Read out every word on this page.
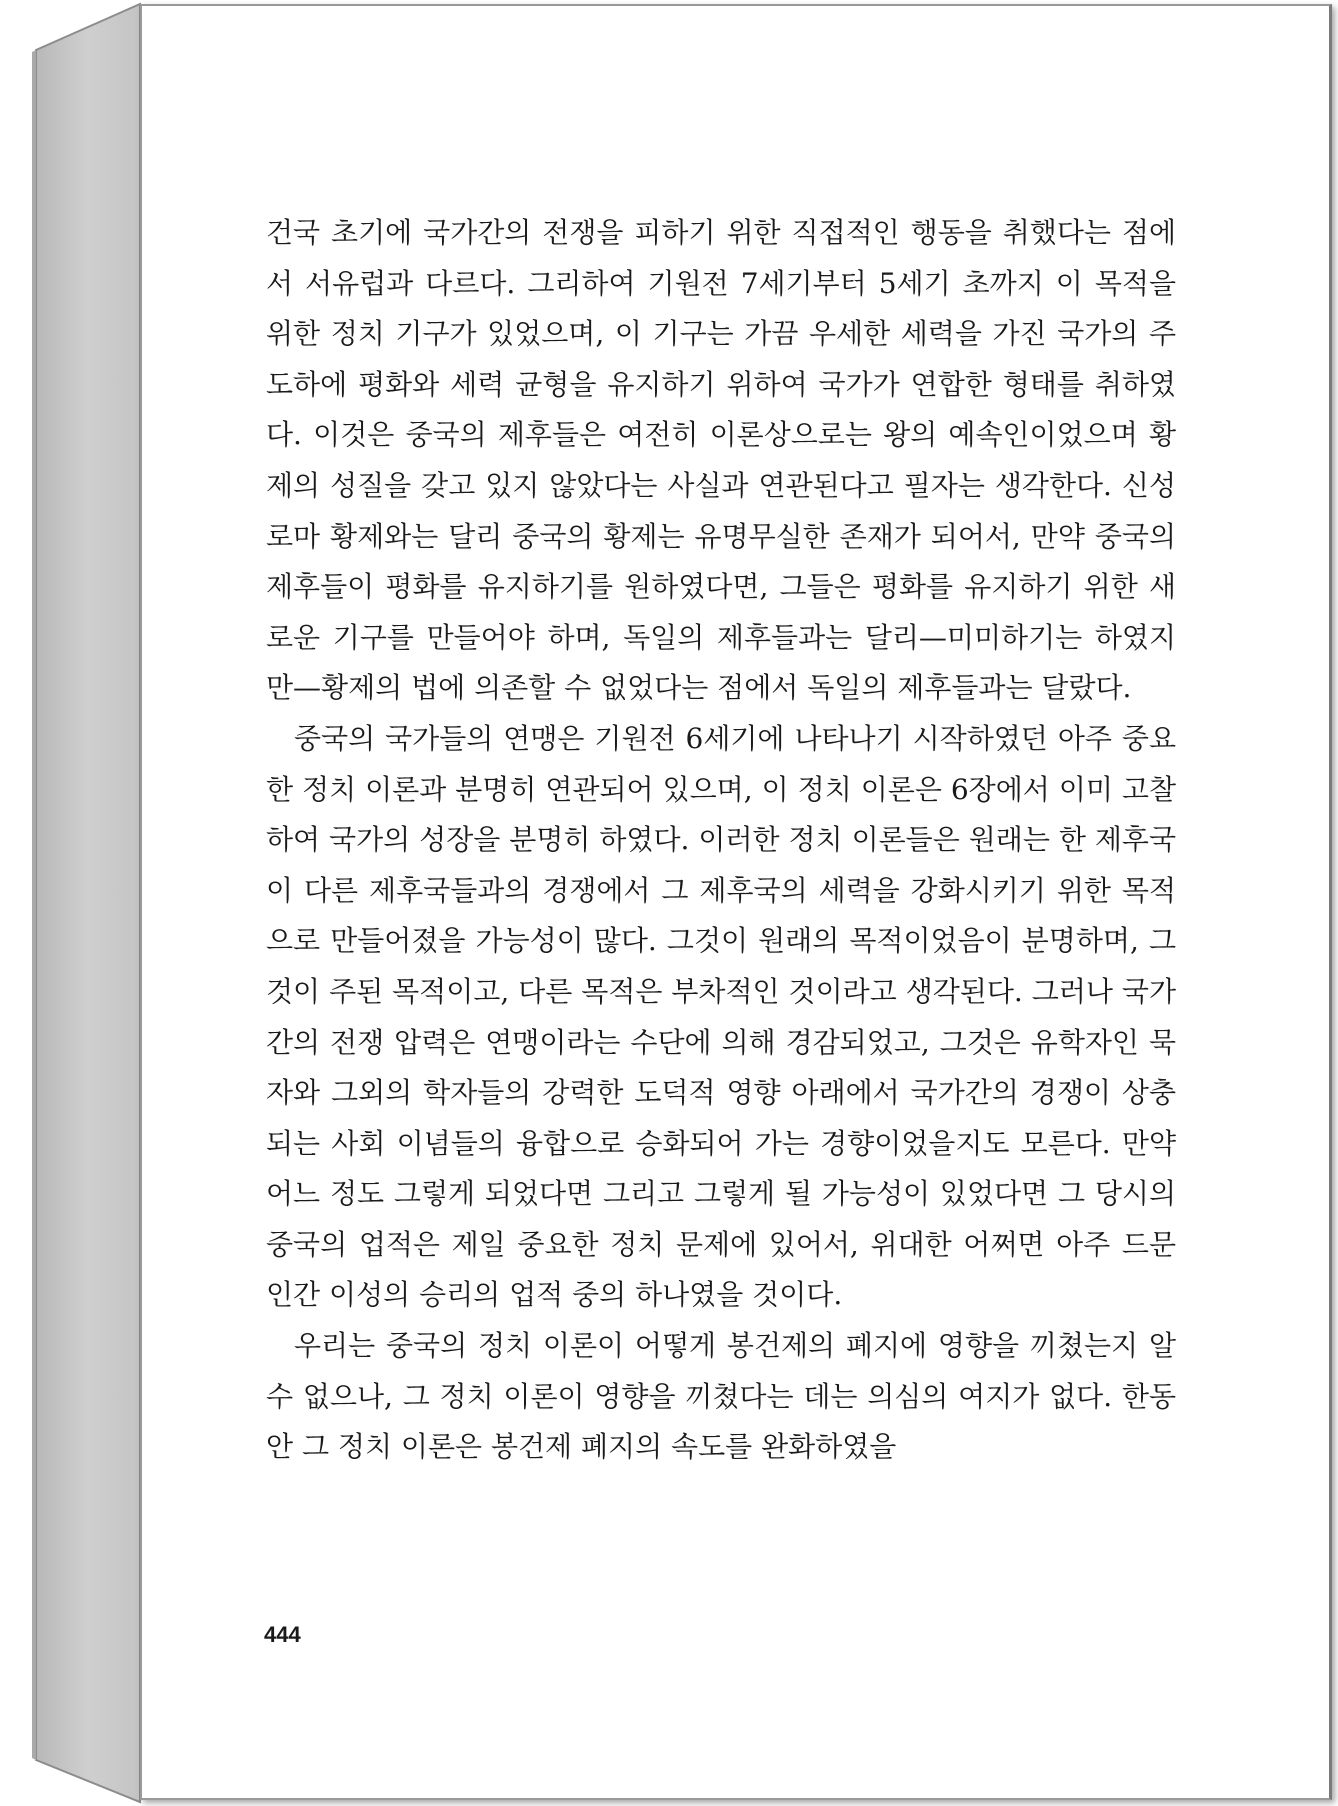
건국 초기에 국가간의 전쟁을 피하기 위한 직접적인 행동을 취했다는 점에서 서유럽과 다르다. 그리하여 기원전 7세기부터 5세기 초까지 이 목적을 위한 정치 기구가 있었으며, 이 기구는 가끔 우세한 세력을 가진 국가의 주도하에 평화와 세력 균형을 유지하기 위하여 국가가 연합한 형태를 취하였다. 이것은 중국의 제후들은 여전히 이론상으로는 왕의 예속인이었으며 황제의 성질을 갖고 있지 않았다는 사실과 연관된다고 필자는 생각한다. 신성 로마 황제와는 달리 중국의 황제는 유명무실한 존재가 되어서, 만약 중국의 제후들이 평화를 유지하기를 원하였다면, 그들은 평화를 유지하기 위한 새로운 기구를 만들어야 하며, 독일의 제후들과는 달리—미미하기는 하였지만—황제의 법에 의존할 수 없었다는 점에서 독일의 제후들과는 달랐다.

중국의 국가들의 연맹은 기원전 6세기에 나타나기 시작하였던 아주 중요한 정치 이론과 분명히 연관되어 있으며, 이 정치 이론은 6장에서 이미 고찰하여 국가의 성장을 분명히 하였다. 이러한 정치 이론들은 원래는 한 제후국이 다른 제후국들과의 경쟁에서 그 제후국의 세력을 강화시키기 위한 목적으로 만들어졌을 가능성이 많다. 그것이 원래의 목적이었음이 분명하며, 그것이 주된 목적이고, 다른 목적은 부차적인 것이라고 생각된다. 그러나 국가간의 전쟁 압력은 연맹이라는 수단에 의해 경감되었고, 그것은 유학자인 묵자와 그외의 학자들의 강력한 도덕적 영향 아래에서 국가간의 경쟁이 상충되는 사회 이념들의 융합으로 승화되어 가는 경향이었을지도 모른다. 만약 어느 정도 그렇게 되었다면 그리고 그렇게 될 가능성이 있었다면 그 당시의 중국의 업적은 제일 중요한 정치 문제에 있어서, 위대한 어쩌면 아주 드문 인간 이성의 승리의 업적 중의 하나였을 것이다.

우리는 중국의 정치 이론이 어떻게 봉건제의 폐지에 영향을 끼쳤는지 알 수 없으나, 그 정치 이론이 영향을 끼쳤다는 데는 의심의 여지가 없다. 한동안 그 정치 이론은 봉건제 폐지의 속도를 완화하였을

444
